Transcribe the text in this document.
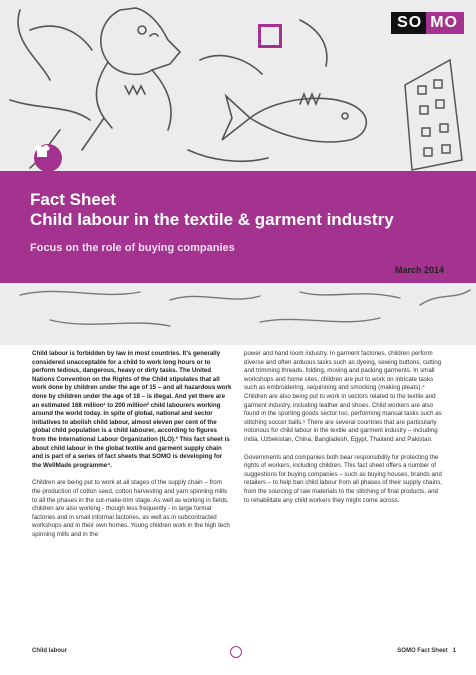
SO MO
Fact Sheet
Child labour in the textile & garment industry
Focus on the role of buying companies
March 2014

Child labour is forbidden by law in most countries. It’s generally considered unacceptable for a child to work long hours or to perform tedious, dangerous, heavy or dirty tasks. The United Nations Convention on the Rights of the Child stipulates that all work done by children under the age of 15 – and all hazardous work done by children under the age of 18 – is illegal. And yet there are an estimated 168 million¹ to 200 million² child labourers working around the world today. In spite of global, national and sector initiatives to abolish child labour, almost eleven per cent of the global child population is a child labourer, according to figures from the International Labour Organization (ILO).³ This fact sheet is about child labour in the global textile and garment supply chain and is part of a series of fact sheets that SOMO is developing for the WellMade programme⁴.

Children are being put to work at all stages of the supply chain – from the production of cotton seed, cotton harvesting and yarn spinning mills to all the phases in the cut-make-trim stage. As well as working in fields, children are also working - though less frequently - in large formal factories and in small informal factories, as well as in subcontracted workshops and in their own homes. Young children work in the high tech spinning mills and in the

power and hand loom industry. In garment factories, children perform diverse and often arduous tasks such as dyeing, sewing buttons, cutting and trimming threads, folding, moving and packing garments. In small workshops and home sites, children are put to work on intricate tasks such as embroidering, sequinning and smocking (making pleats).⁴ Children are also being put to work in sectors related to the textile and garment industry, including leather and shoes. Child workers are also found in the sporting goods sector too, performing manual tasks such as stitching soccer balls.⁵ There are several countries that are particularly notorious for child labour in the textile and garment industry – including India, Uzbekistan, China, Bangladesh, Egypt, Thailand and Pakistan.

Governments and companies both bear responsibility for protecting the rights of workers, including children. This fact sheet offers a number of suggestions for buying companies – such as buying houses, brands and retailers – to help ban child labour from all phases of their supply chains, from the sourcing of raw materials to the stitching of final products, and to rehabilitate any child workers they might come across.

Child labour	SOMO Fact Sheet 1
